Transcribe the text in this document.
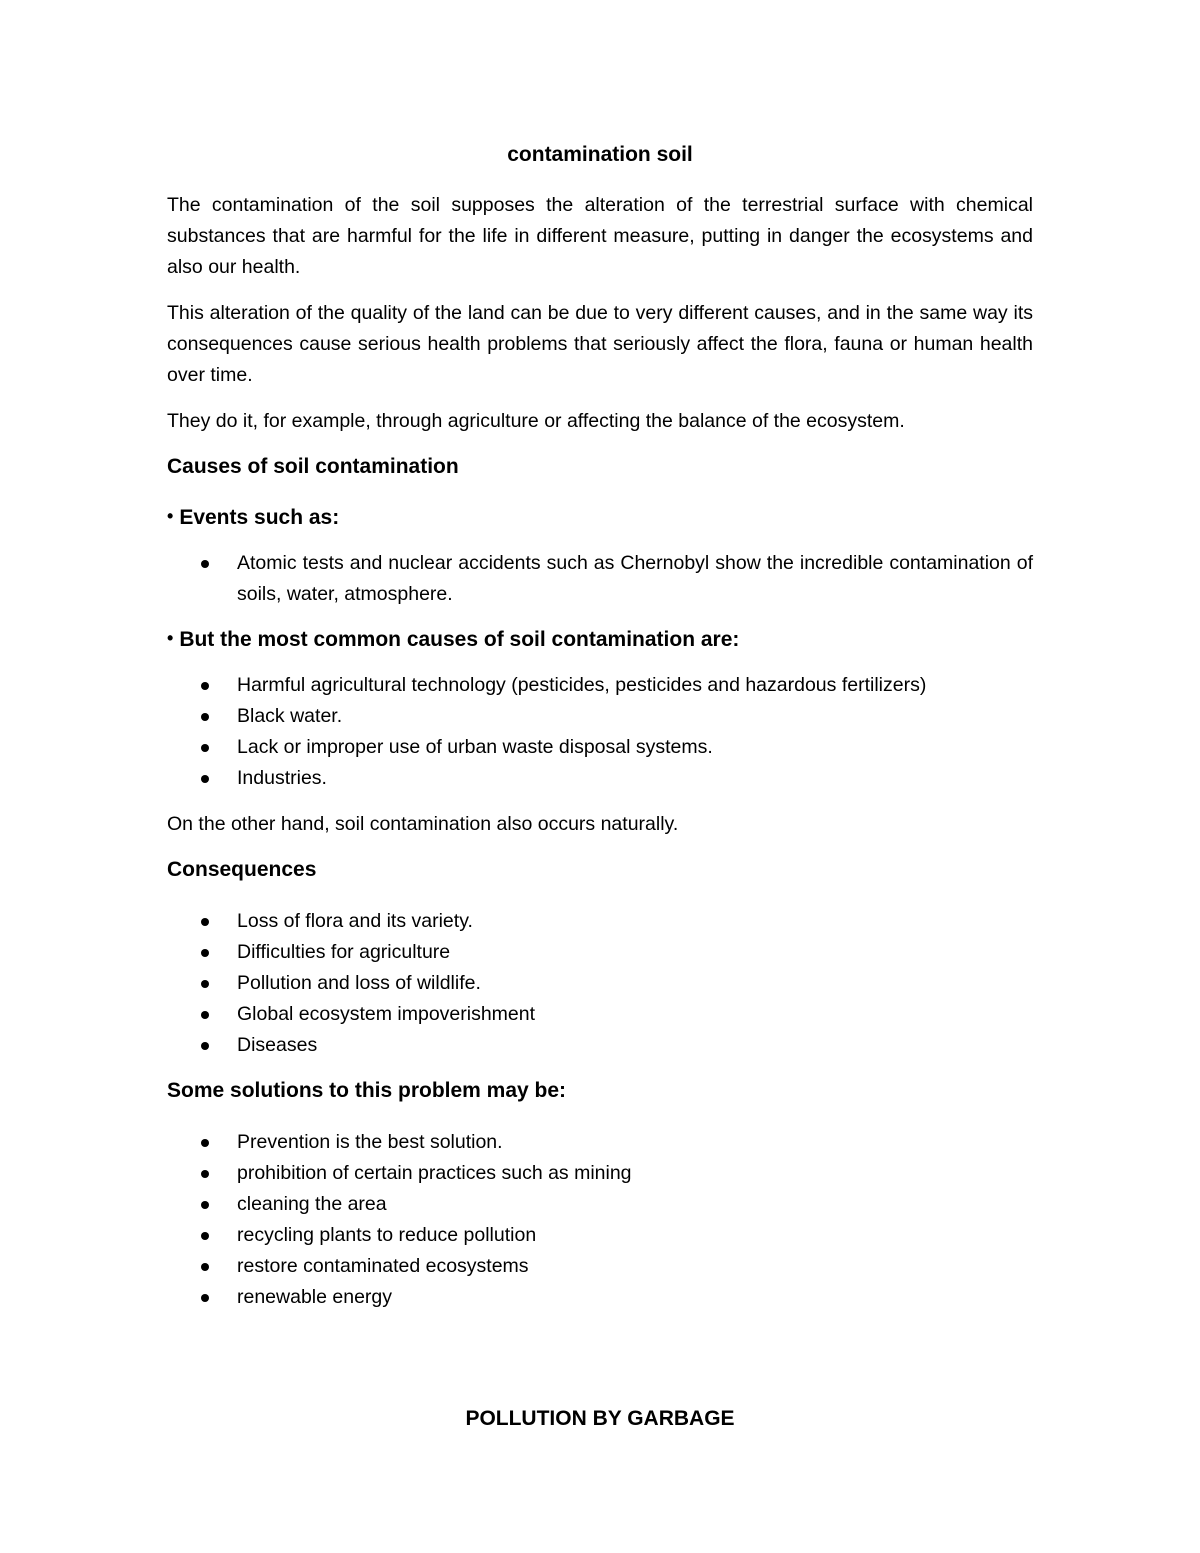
contamination soil

The contamination of the soil supposes the alteration of the terrestrial surface with chemical substances that are harmful for the life in different measure, putting in danger the ecosystems and also our health.

This alteration of the quality of the land can be due to very different causes, and in the same way its consequences cause serious health problems that seriously affect the flora, fauna or human health over time.

They do it, for example, through agriculture or affecting the balance of the ecosystem.

Causes of soil contamination
• Events such as:
Atomic tests and nuclear accidents such as Chernobyl show the incredible contamination of soils, water, atmosphere.
• But the most common causes of soil contamination are:
Harmful agricultural technology (pesticides, pesticides and hazardous fertilizers)
Black water.
Lack or improper use of urban waste disposal systems.
Industries.

On the other hand, soil contamination also occurs naturally.

Consequences
Loss of flora and its variety.
Difficulties for agriculture
Pollution and loss of wildlife.
Global ecosystem impoverishment
Diseases
Some solutions to this problem may be:
Prevention is the best solution.
prohibition of certain practices such as mining
cleaning the area
recycling plants to reduce pollution
restore contaminated ecosystems
renewable energy
POLLUTION BY GARBAGE
